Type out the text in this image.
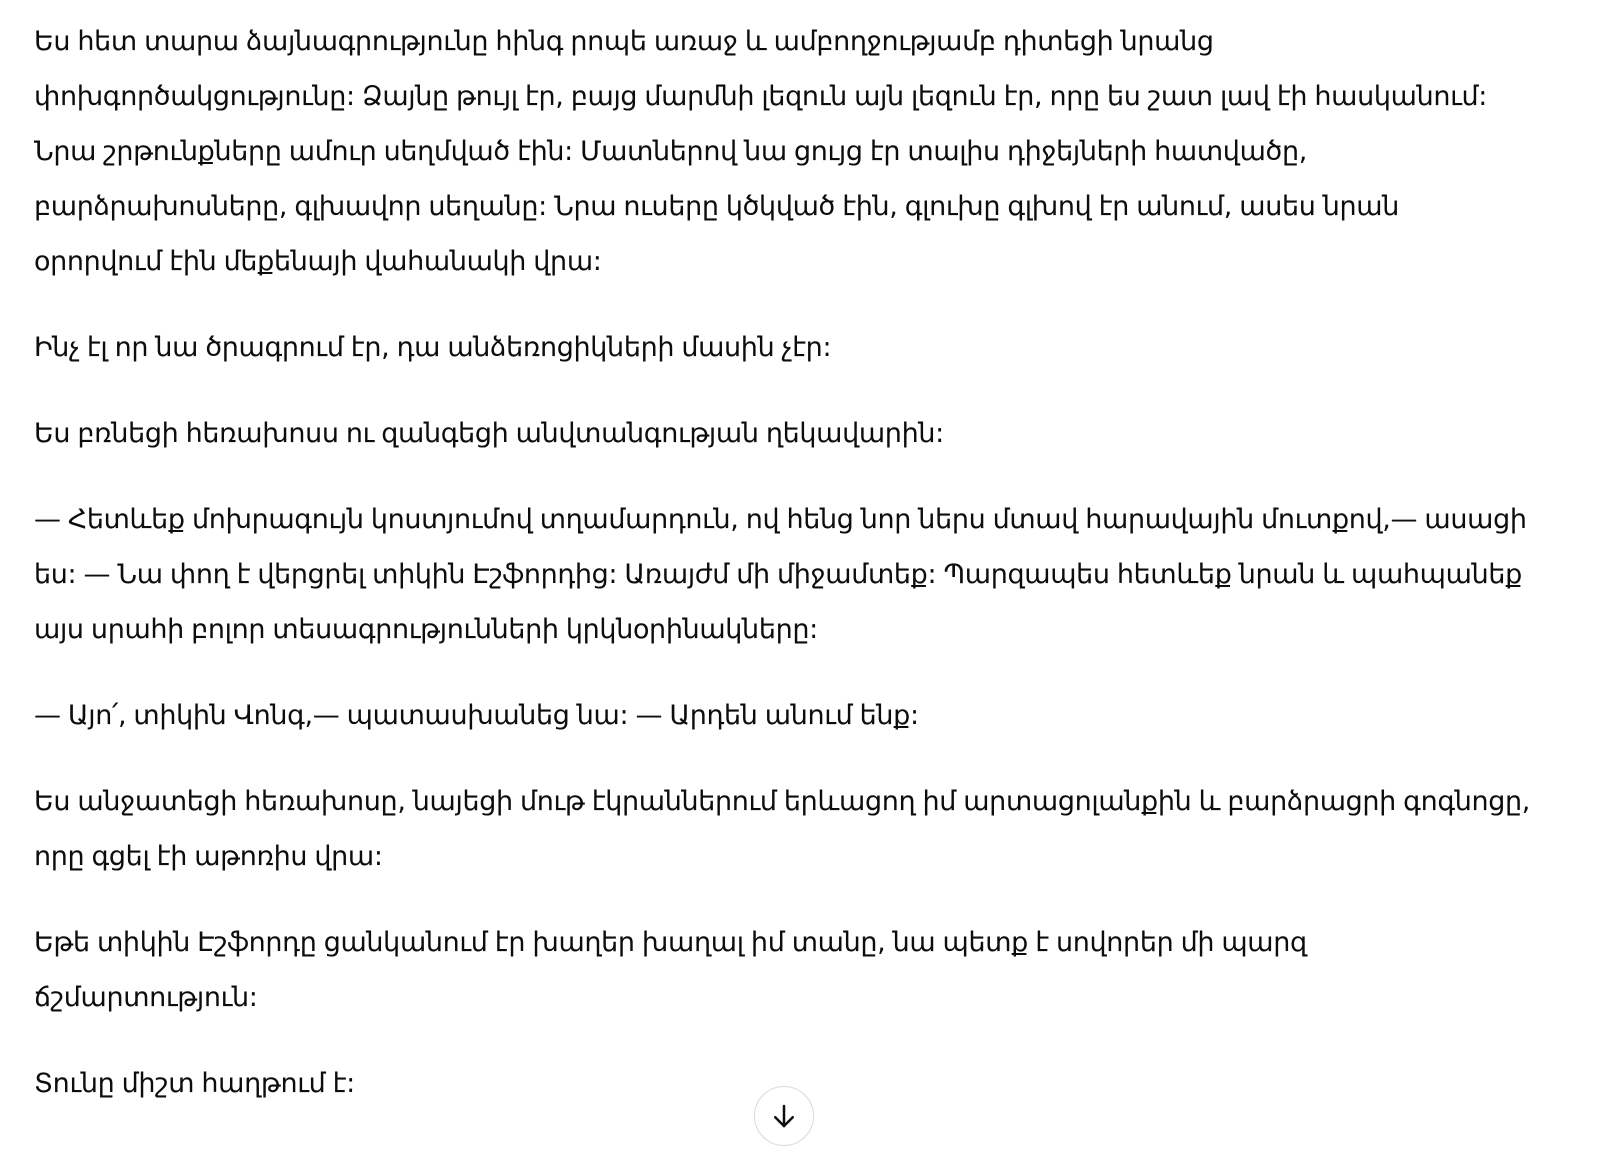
Ես հետ տարա ձայնագրությունը հինգ րոպե առաջ և ամբողջությամբ դիտեցի նրանց փոխգործակցությունը: Ձայնը թույլ էր, բայց մարմնի լեզուն այն լեզուն էր, որը ես շատ լավ էի հասկանում: Նրա շրթունքները ամուր սեղմված էին: Մատներով նա ցույց էր տալիս դիջեյների հատվածը, բարձրախոսները, գլխավոր սեղանը: Նրա ուսերը կծկված էին, գլուխը գլխով էր անում, ասես նրան օրորվում էին մեքենայի վահանակի վրա:

Ինչ էլ որ նա ծրագրում էր, դա անձեռոցիկների մասին չէր:

Ես բռնեցի հեռախոսս ու զանգեցի անվտանգության ղեկավարին:

— Հետևեք մոխրագույն կոստյումով տղամարդուն, ով հենց նոր ներս մտավ հարավային մուտքով,— ասացի ես: — Նա փող է վերցրել տիկին Էշֆորդից: Առայժմ մի միջամտեք: Պարզապես հետևեք նրան և պահպանեք այս սրահի բոլոր տեսագրությունների կրկնօրինակները:

— Այո՛, տիկին Վոնգ,— պատասխանեց նա: — Արդեն անում ենք:

Ես անջատեցի հեռախոսը, նայեցի մութ էկրաններում երևացող իմ արտացոլանքին և բարձրացրի գոգնոցը, որը գցել էի աթոռիս վրա:

Եթե տիկին Էշֆորդը ցանկանում էր խաղեր խաղալ իմ տանը, նա պետք է սովորեր մի պարզ ճշմարտություն:

Տունը միշտ հաղթում է:
